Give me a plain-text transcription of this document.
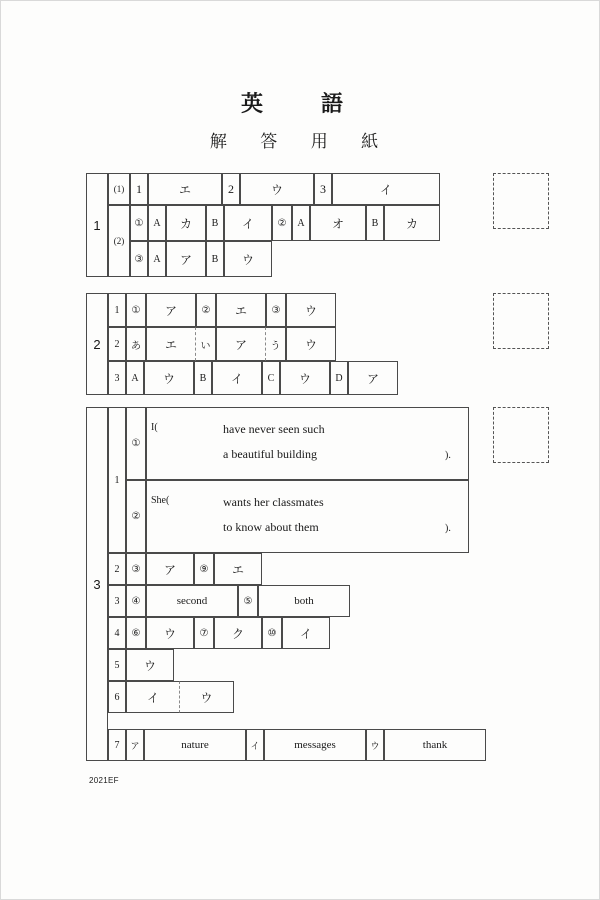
英　語
解 答 用 紙
1
(1) 1	エ	2	ウ	3	イ
(2)
① A	カ	B	イ	②	A	オ	B	カ
③ A	ア	B	ウ
2
1	①	ア	②	エ	③	ウ
2	あ	エ	い	ア	う	ウ
3	A	ウ	B	イ	C	ウ	D	ア
3
1
①
I(	have never seen such
a beautiful building	).
②
She(	wants her classmates
to know about them	).
2	③	ア	⑨	エ
3	④	second	⑤	both
4	⑥	ウ	⑦	ク	⑩	イ
5	ウ
6	イ	ウ
7	ア	nature	イ	messages	ウ	thank
2021EF
